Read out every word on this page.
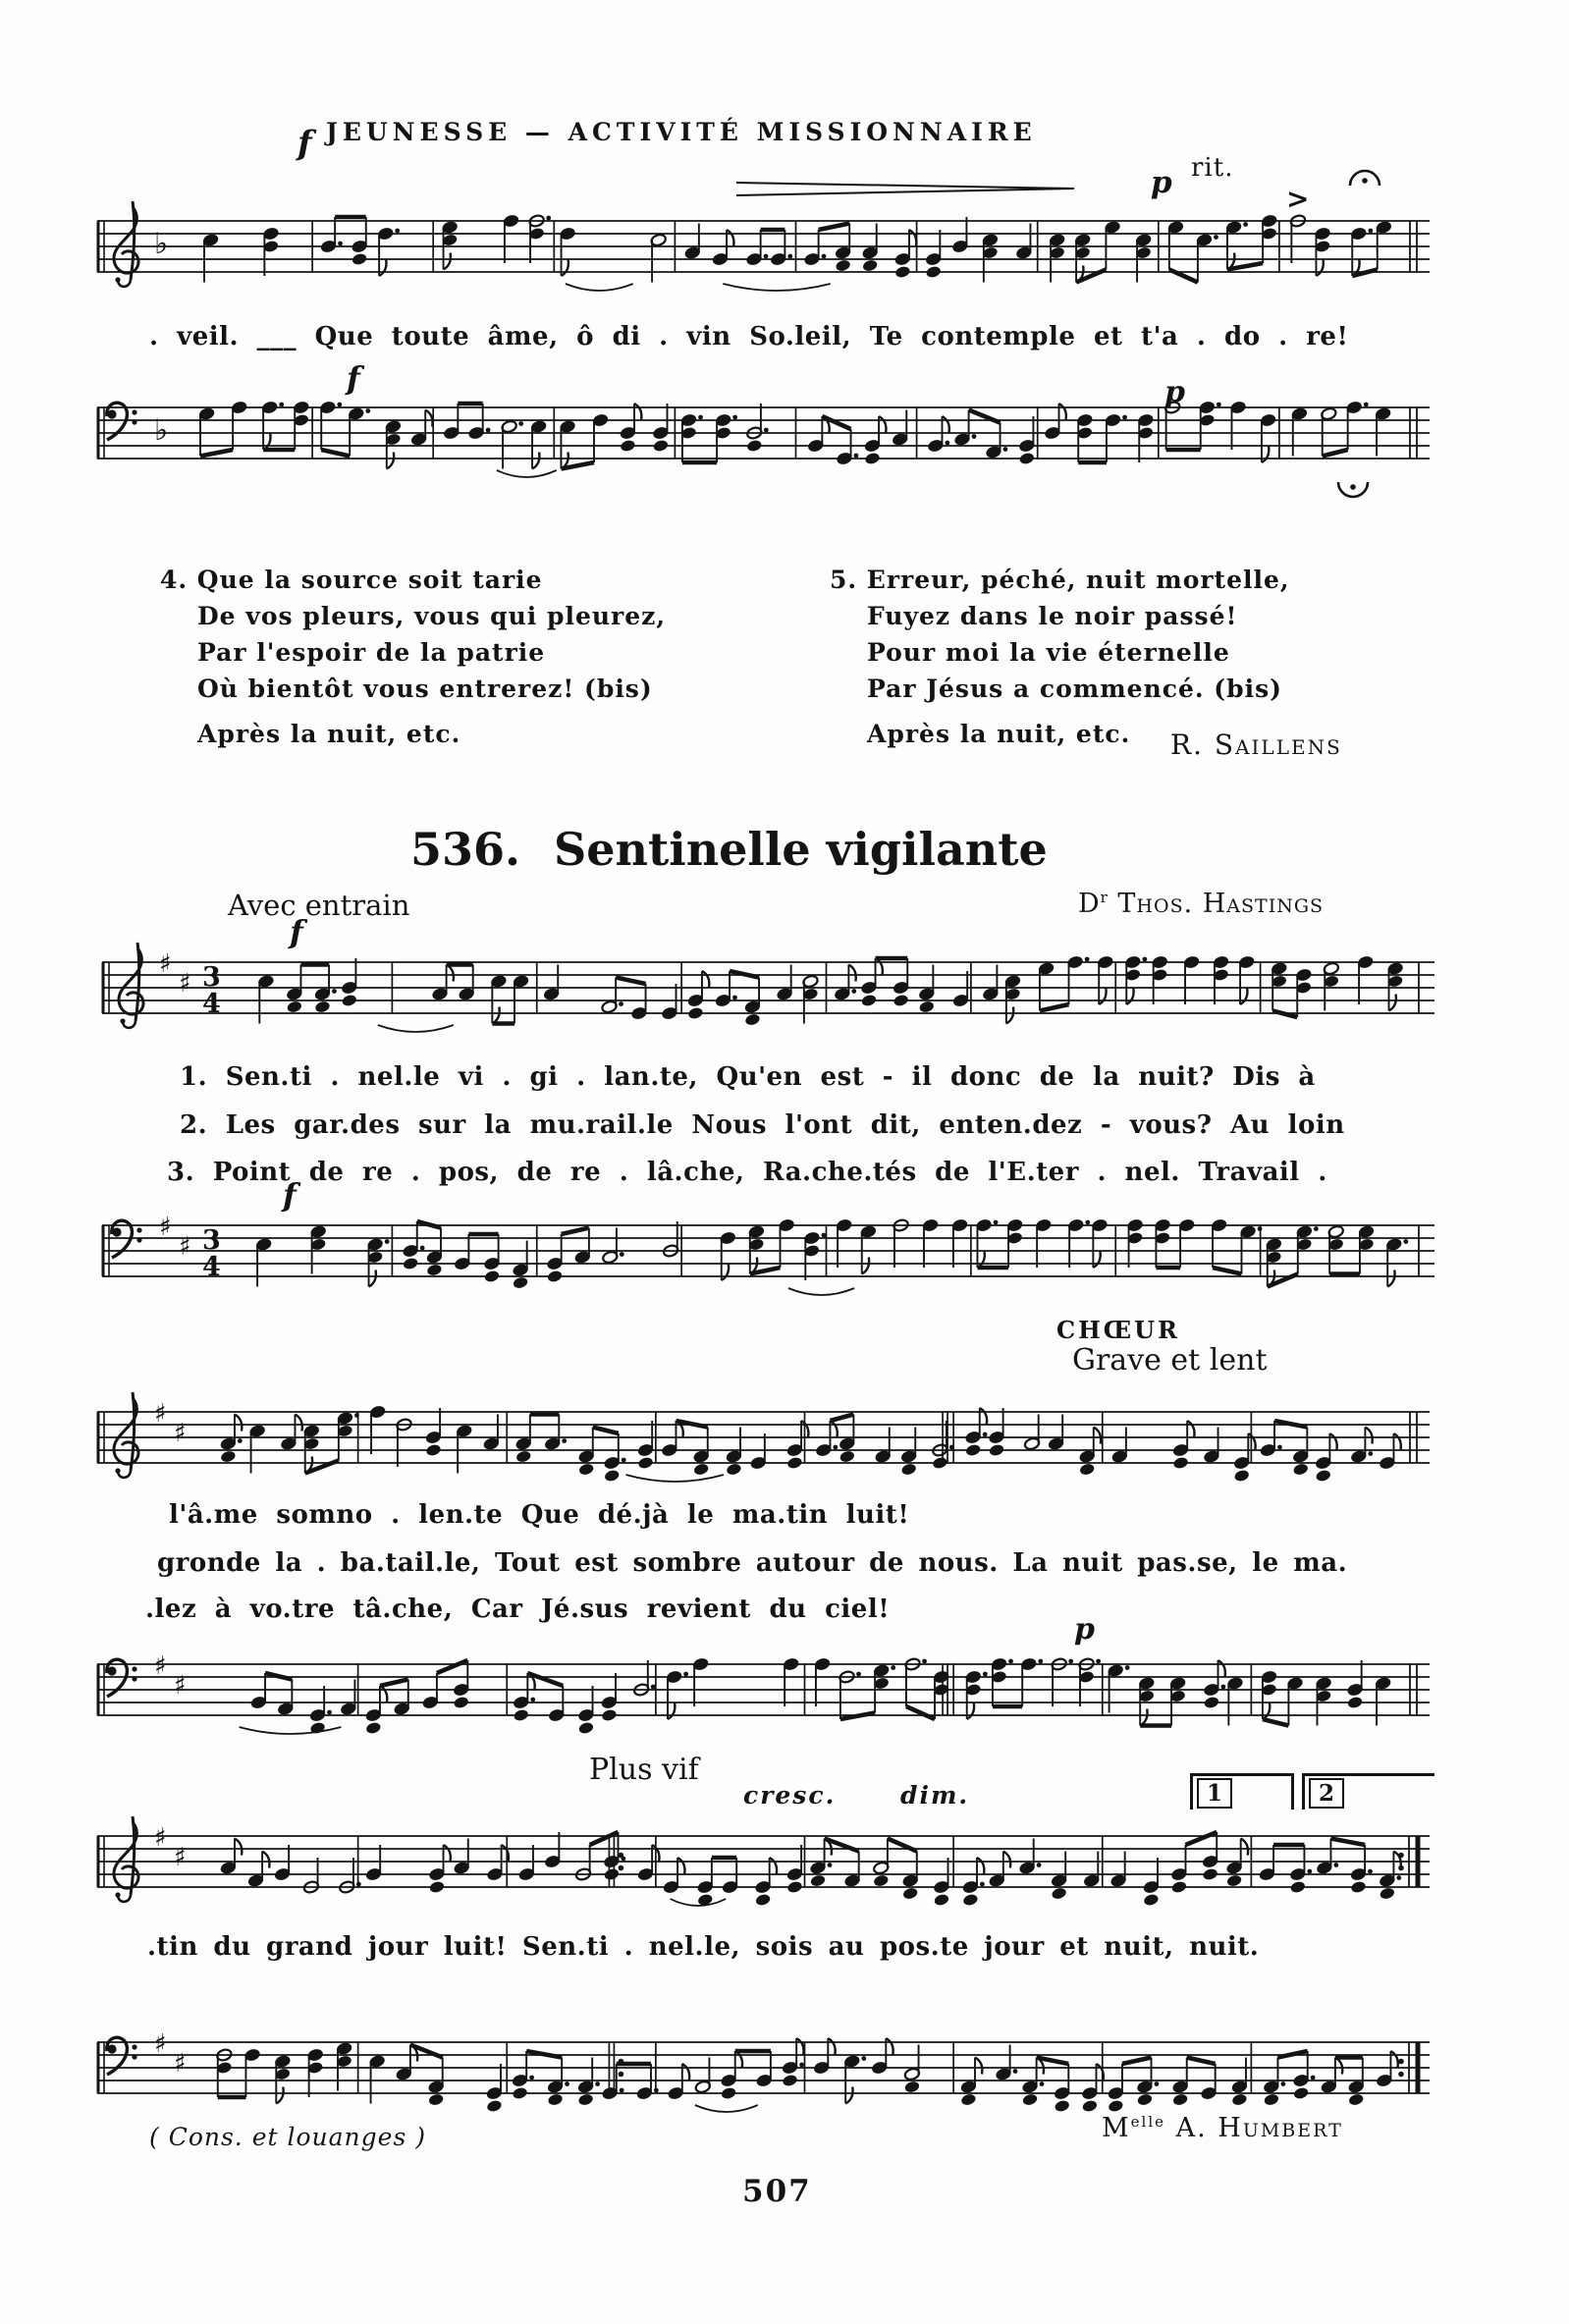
JEUNESSE — ACTIVITÉ MISSIONNAIRE
♭
f
p rit.
>
. veil. ___ Que toute âme, ô di . vin So.leil, Te contemple et t'a . do . re!
♭
f	p
4. Que la source soit tarie
De vos pleurs, vous qui pleurez,
Par l'espoir de la patrie
Où bientôt vous entrerez! (bis)
Après la nuit, etc.
5. Erreur, péché, nuit mortelle,
Fuyez dans le noir passé!
Pour moi la vie éternelle
Par Jésus a commencé. (bis)
Après la nuit, etc.	R. Saillens
536. Sentinelle vigilante
Avec entrain	$D^r$ Thos. Hastings
♯
♯ 3
4
f
1. Sen.ti . nel.le vi . gi . lan.te, Qu'en est - il donc de la nuit? Dis à
2. Les gar.des sur la mu.rail.le Nous l'ont dit, enten.dez - vous? Au loin
3. Point de re . pos, de re . lâ.che, Ra.che.tés de l'E.ter . nel. Travail .
♯
♯ 3
4
f
CHŒUR
Grave et lent
♯
♯
l'â.me somno . len.te Que dé.jà le ma.tin luit!
gronde la . ba.tail.le, Tout est sombre autour de nous. La nuit pas.se, le ma.
.lez à vo.tre tâ.che, Car Jé.sus revient du ciel!
♯
♯
p
Plus vif
cresc.	dim.	1	2
♯
♯
.tin du grand jour luit! Sen.ti . nel.le, sois au pos.te jour et nuit, nuit.
♯
♯
( Cons. et louanges )	$M^{elle}$ A. Humbert
507
